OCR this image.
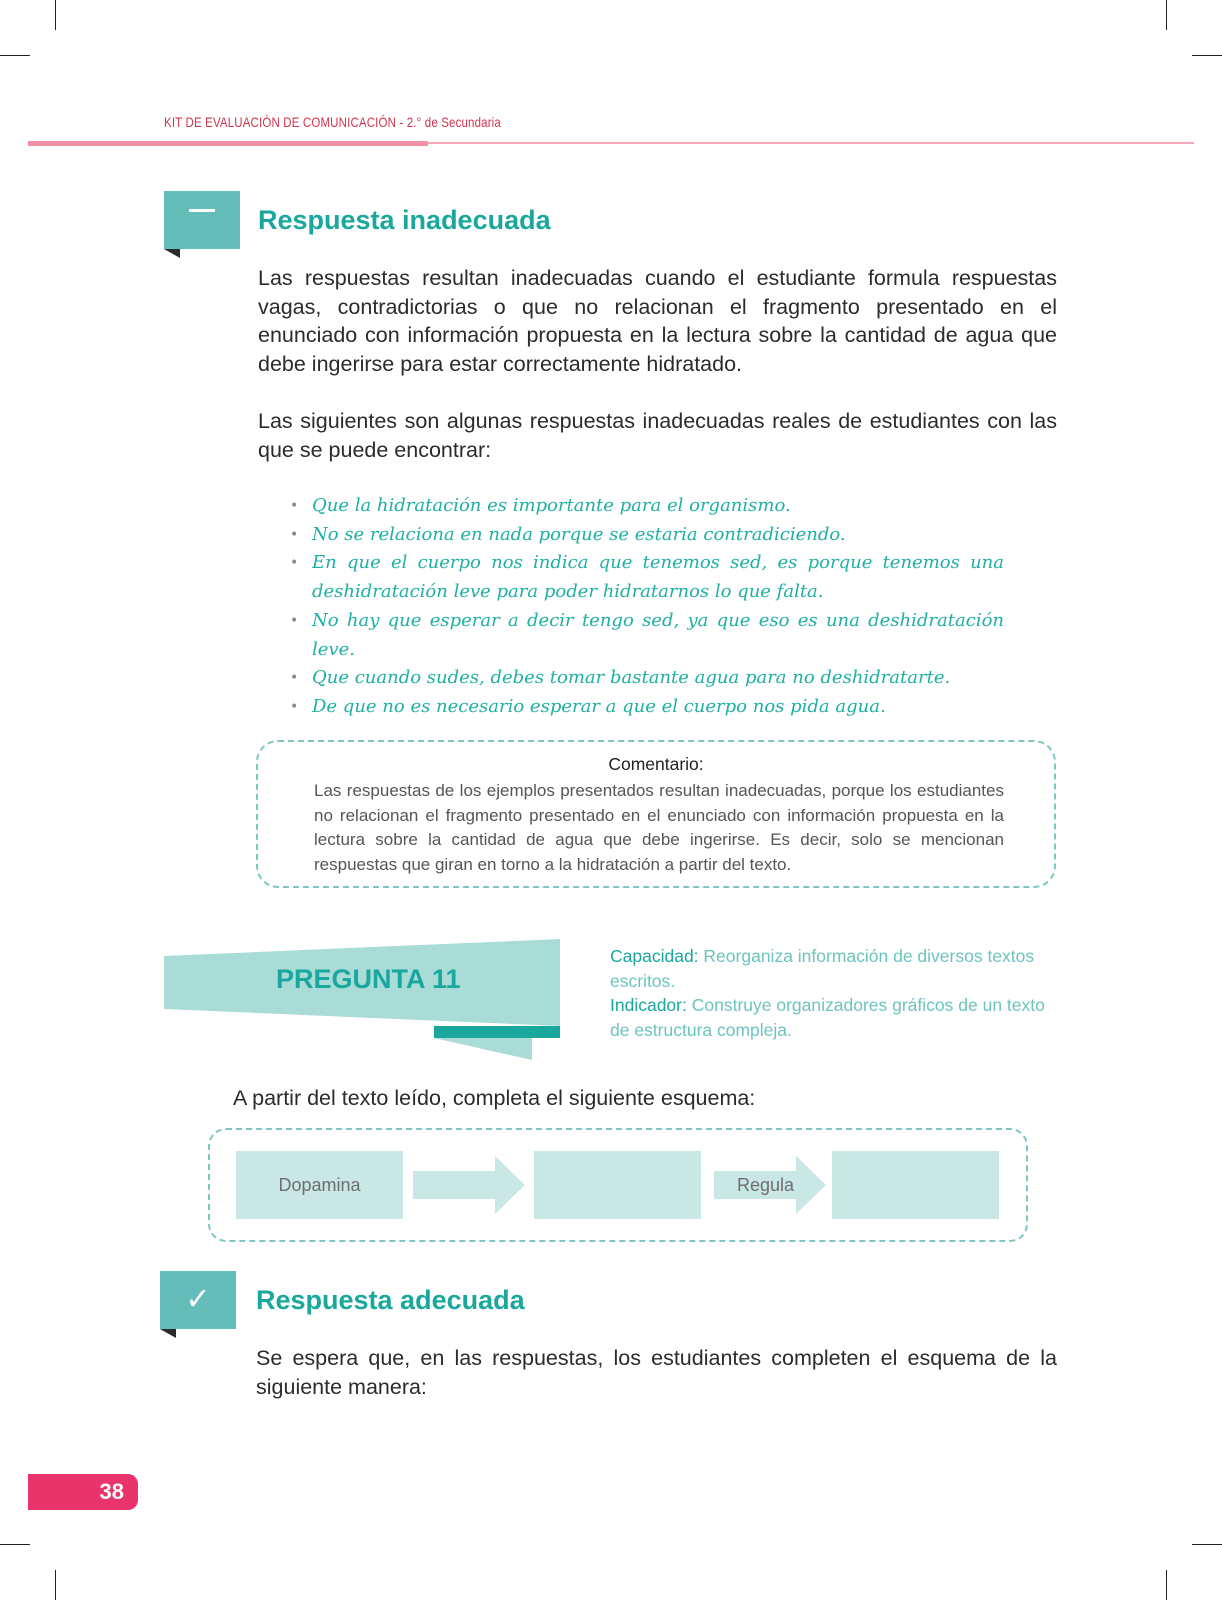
KIT DE EVALUACIÓN DE COMUNICACIÓN - 2.° de Secundaria
Respuesta inadecuada

Las respuestas resultan inadecuadas cuando el estudiante formula respuestas vagas, contradictorias o que no relacionan el fragmento presentado en el enunciado con información propuesta en la lectura sobre la cantidad de agua que debe ingerirse para estar correctamente hidratado.

Las siguientes son algunas respuestas inadecuadas reales de estudiantes con las que se puede encontrar:

• Que la hidratación es importante para el organismo.
• No se relaciona en nada porque se estaria contradiciendo.
• En que el cuerpo nos indica que tenemos sed, es porque tenemos una deshidratación leve para poder hidratarnos lo que falta.
• No hay que esperar a decir tengo sed, ya que eso es una deshidratación leve.
• Que cuando sudes, debes tomar bastante agua para no deshidratarte.
• De que no es necesario esperar a que el cuerpo nos pida agua.
Comentario:

Las respuestas de los ejemplos presentados resultan inadecuadas, porque los estudiantes no relacionan el fragmento presentado en el enunciado con información propuesta en la lectura sobre la cantidad de agua que debe ingerirse. Es decir, solo se mencionan respuestas que giran en torno a la hidratación a partir del texto.

PREGUNTA 11

Capacidad: Reorganiza información de diversos textos escritos.

Indicador: Construye organizadores gráficos de un texto de estructura compleja.

A partir del texto leído, completa el siguiente esquema:
Dopamina	Regula
✓ Respuesta adecuada

Se espera que, en las respuestas, los estudiantes completen el esquema de la siguiente manera:

38
